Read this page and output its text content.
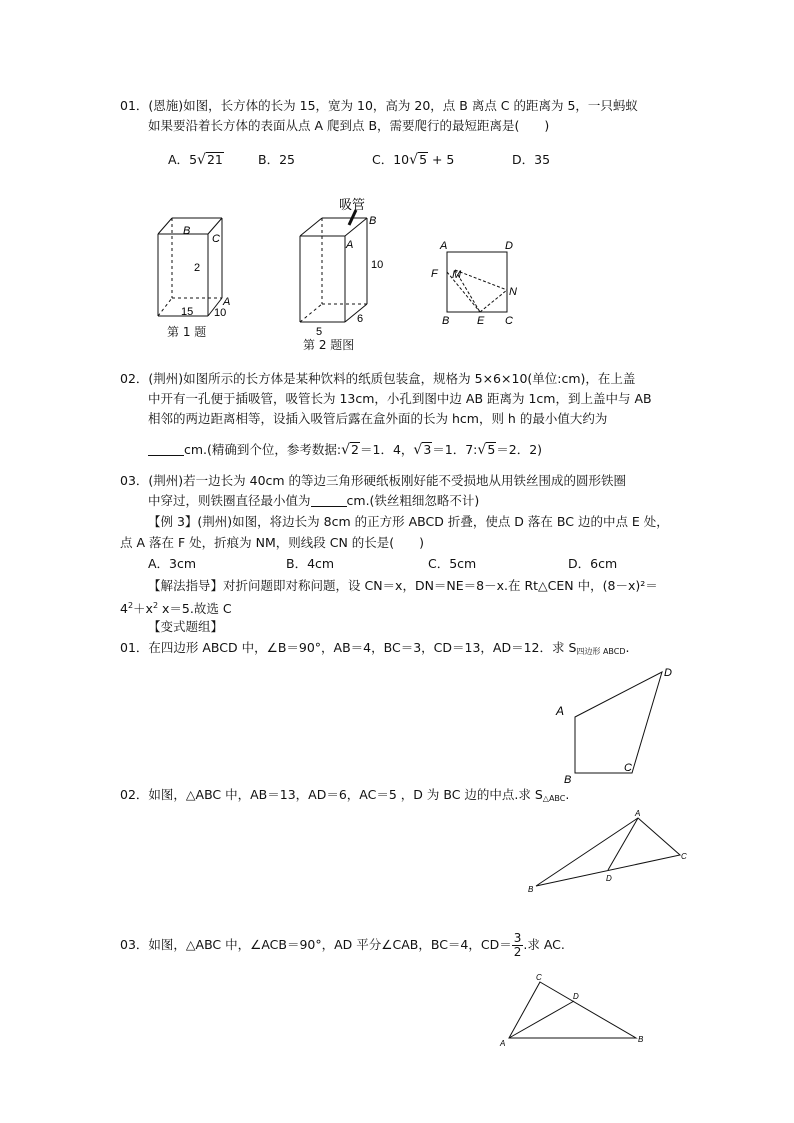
01．(恩施)如图，长方体的长为 15，宽为 10，高为 20，点 B 离点 C 的距离为 5，一只蚂蚁
如果要沿着长方体的表面从点 A 爬到点 B，需要爬行的最短距离是(　　)
A．5√21	B．25	C．10√5 + 5	D．35
B
C
2
A
15 10
吸管
B
A
10
6
5
A	D
F M
N
B	E C
第 1 题
第 2 题图
02．(荆州)如图所示的长方体是某种饮料的纸质包装盒，规格为 5×6×10(单位:cm)，在上盖
中开有一孔便于插吸管，吸管长为 13cm，小孔到图中边 AB 距离为 1cm，到上盖中与 AB
相邻的两边距离相等，设插入吸管后露在盒外面的长为 hcm，则 h 的最小值大约为
cm.(精确到个位，参考数据:√2＝1．4，√3＝1．7:√5＝2．2)
03．(荆州)若一边长为 40cm 的等边三角形硬纸板刚好能不受损地从用铁丝围成的圆形铁圈
中穿过，则铁圈直径最小值为	cm.(铁丝粗细忽略不计)
【例 3】(荆州)如图，将边长为 8cm 的正方形 ABCD 折叠，使点 D 落在 BC 边的中点 E 处，
点 A 落在 F 处，折痕为 NM，则线段 CN 的长是(　　)
A．3cm	B．4cm	C．5cm	D．6cm
【解法指导】对折问题即对称问题，设 CN＝x，DN＝NE＝8－x.在 Rt△CEN 中，(8－x)²＝
$4^2+x^2$ x＝5.故选 C
【变式题组】
01．在四边形 ABCD 中，∠B＝90°，AB＝4，BC＝3，CD＝13，AD＝12．求 $S_{四边形 ABCD}$.
D
A
B
C
02．如图，△ABC 中，AB＝13，AD＝6，AC＝5 ，D 为 BC 边的中点.求 $S_{\triangle ABC}$.
A
C
D
B
03．如图，△ABC 中，∠ACB＝90°，AD 平分∠CAB，BC＝4，$CD= \frac{3}{2}$ .求 AC.
C
D
A	B
